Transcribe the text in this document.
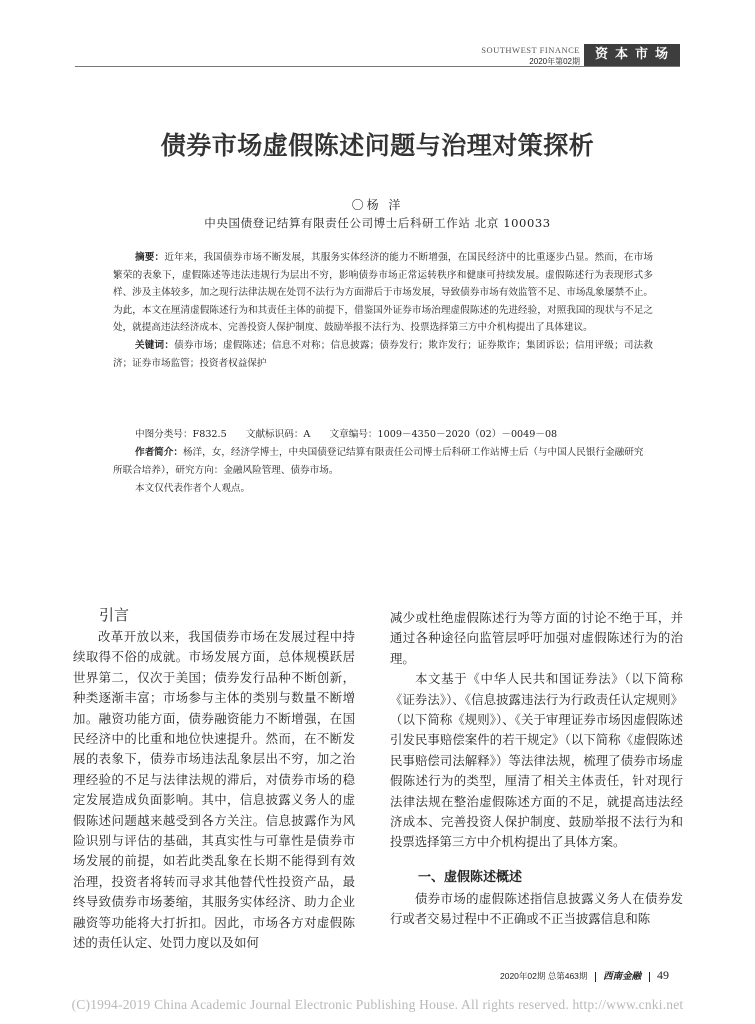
SOUTHWEST FINANCE
2020年第02期	资本市场
债券市场虚假陈述问题与治理对策探析
〇杨 洋
中央国债登记结算有限责任公司博士后科研工作站 北京 100033
摘要：近年来，我国债券市场不断发展，其服务实体经济的能力不断增强，在国民经济中的比重逐步凸显。然而，在市场繁荣的表象下，虚假陈述等违法违规行为层出不穷，影响债券市场正常运转秩序和健康可持续发展。虚假陈述行为表现形式多样、涉及主体较多，加之现行法律法规在处罚不法行为方面滞后于市场发展，导致债券市场有效监管不足、市场乱象屡禁不止。为此，本文在厘清虚假陈述行为和其责任主体的前提下，借鉴国外证券市场治理虚假陈述的先进经验，对照我国的现状与不足之处，就提高违法经济成本、完善投资人保护制度、鼓励举报不法行为、投票选择第三方中介机构提出了具体建议。
关键词：债券市场；虚假陈述；信息不对称；信息披露；债券发行；欺诈发行；证券欺诈；集团诉讼；信用评级；司法救济；证券市场监管；投资者权益保护
中图分类号：F832.5　　文献标识码：A　　文章编号：1009－4350－2020（02）－0049－08
作者简介：杨洋，女，经济学博士，中央国债登记结算有限责任公司博士后科研工作站博士后（与中国人民银行金融研究所联合培养），研究方向：金融风险管理、债券市场。
本文仅代表作者个人观点。
引言

改革开放以来，我国债券市场在发展过程中持续取得不俗的成就。市场发展方面，总体规模跃居世界第二，仅次于美国；债券发行品种不断创新，种类逐渐丰富；市场参与主体的类别与数量不断增加。融资功能方面，债券融资能力不断增强，在国民经济中的比重和地位快速提升。然而，在不断发展的表象下，债券市场违法乱象层出不穷，加之治理经验的不足与法律法规的滞后，对债券市场的稳定发展造成负面影响。其中，信息披露义务人的虚假陈述问题越来越受到各方关注。信息披露作为风险识别与评估的基础，其真实性与可靠性是债券市场发展的前提，如若此类乱象在长期不能得到有效治理，投资者将转而寻求其他替代性投资产品，最终导致债券市场萎缩，其服务实体经济、助力企业融资等功能将大打折扣。因此，市场各方对虚假陈述的责任认定、处罚力度以及如何

减少或杜绝虚假陈述行为等方面的讨论不绝于耳，并通过各种途径向监管层呼吁加强对虚假陈述行为的治理。

本文基于《中华人民共和国证券法》（以下简称《证券法》）、《信息披露违法行为行政责任认定规则》（以下简称《规则》）、《关于审理证券市场因虚假陈述引发民事赔偿案件的若干规定》（以下简称《虚假陈述民事赔偿司法解释》）等法律法规，梳理了债券市场虚假陈述行为的类型，厘清了相关主体责任，针对现行法律法规在整治虚假陈述方面的不足，就提高违法经济成本、完善投资人保护制度、鼓励举报不法行为和投票选择第三方中介机构提出了具体方案。

一、虚假陈述概述

债券市场的虚假陈述指信息披露义务人在债券发行或者交易过程中不正确或不正当披露信息和陈

2020年02期 总第463期 西南金融 49
(C)1994-2019 China Academic Journal Electronic Publishing House. All rights reserved. http://www.cnki.net
